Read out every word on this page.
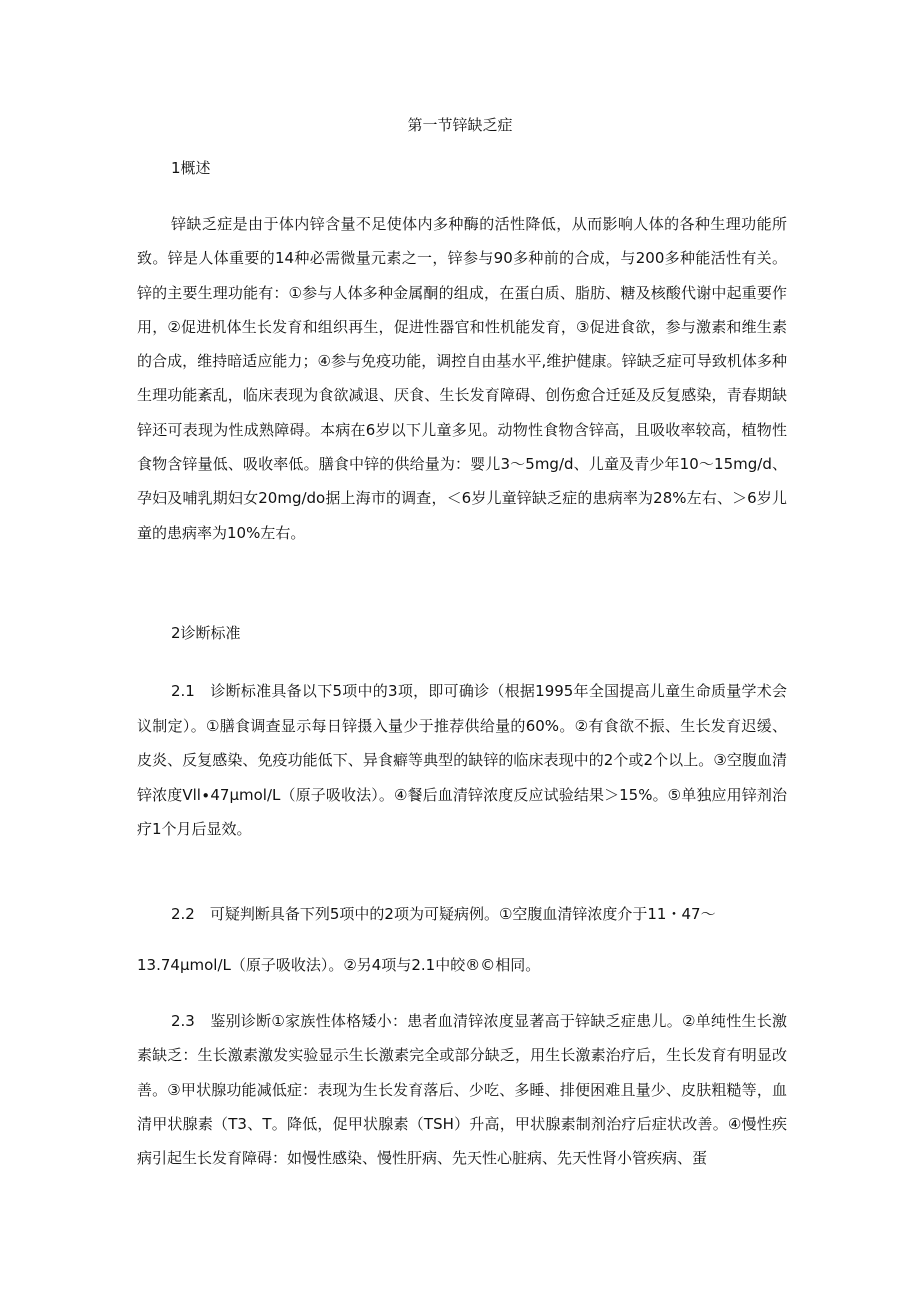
第一节锌缺乏症
1概述

锌缺乏症是由于体内锌含量不足使体内多种酶的活性降低，从而影响人体的各种生理功能所致。锌是人体重要的14种必需微量元素之一，锌参与90多种前的合成，与200多种能活性有关。锌的主要生理功能有：①参与人体多种金属酮的组成，在蛋白质、脂肪、糖及核酸代谢中起重要作用，②促进机体生长发育和组织再生，促进性器官和性机能发育，③促进食欲，参与激素和维生素的合成，维持暗适应能力；④参与免疫功能，调控自由基水平,维护健康。锌缺乏症可导致机体多种生理功能紊乱，临床表现为食欲减退、厌食、生长发育障碍、创伤愈合迁延及反复感染，青春期缺锌还可表现为性成熟障碍。本病在6岁以下儿童多见。动物性食物含锌高，且吸收率较高，植物性食物含锌量低、吸收率低。膳食中锌的供给量为：婴儿3～5mg/d、儿童及青少年10～15mg/d、孕妇及哺乳期妇女20mg∕do据上海市的调查，＜6岁儿童锌缺乏症的患病率为28%左右、＞6岁儿童的患病率为10%左右。

2诊断标准

2.1　诊断标准具备以下5项中的3项，即可确诊（根据1995年全国提高儿童生命质量学术会议制定）。①膳食调查显示每日锌摄入量少于推荐供给量的60%。②有食欲不振、生长发育迟缓、皮炎、反复感染、免疫功能低下、异食癖等典型的缺锌的临床表现中的2个或2个以上。③空腹血清锌浓度Vll∙47μmol∕L（原子吸收法）。④餐后血清锌浓度反应试验结果＞15%。⑤单独应用锌剂治疗1个月后显效。

2.2　可疑判断具备下列5项中的2项为可疑病例。①空腹血清锌浓度介于11・47～

13.74μmol∕L（原子吸收法）。②另4项与2.1中皎®©相同。

2.3　鉴别诊断①家族性体格矮小：患者血清锌浓度显著高于锌缺乏症患儿。②单纯性生长激素缺乏：生长激素激发实验显示生长激素完全或部分缺乏，用生长激素治疗后，生长发育有明显改善。③甲状腺功能减低症：表现为生长发育落后、少吃、多睡、排便困难且量少、皮肤粗糙等，血清甲状腺素（T3、T。降低，促甲状腺素（TSH）升高，甲状腺素制剂治疗后症状改善。④慢性疾病引起生长发育障碍：如慢性感染、慢性肝病、先天性心脏病、先天性肾小管疾病、蛋
